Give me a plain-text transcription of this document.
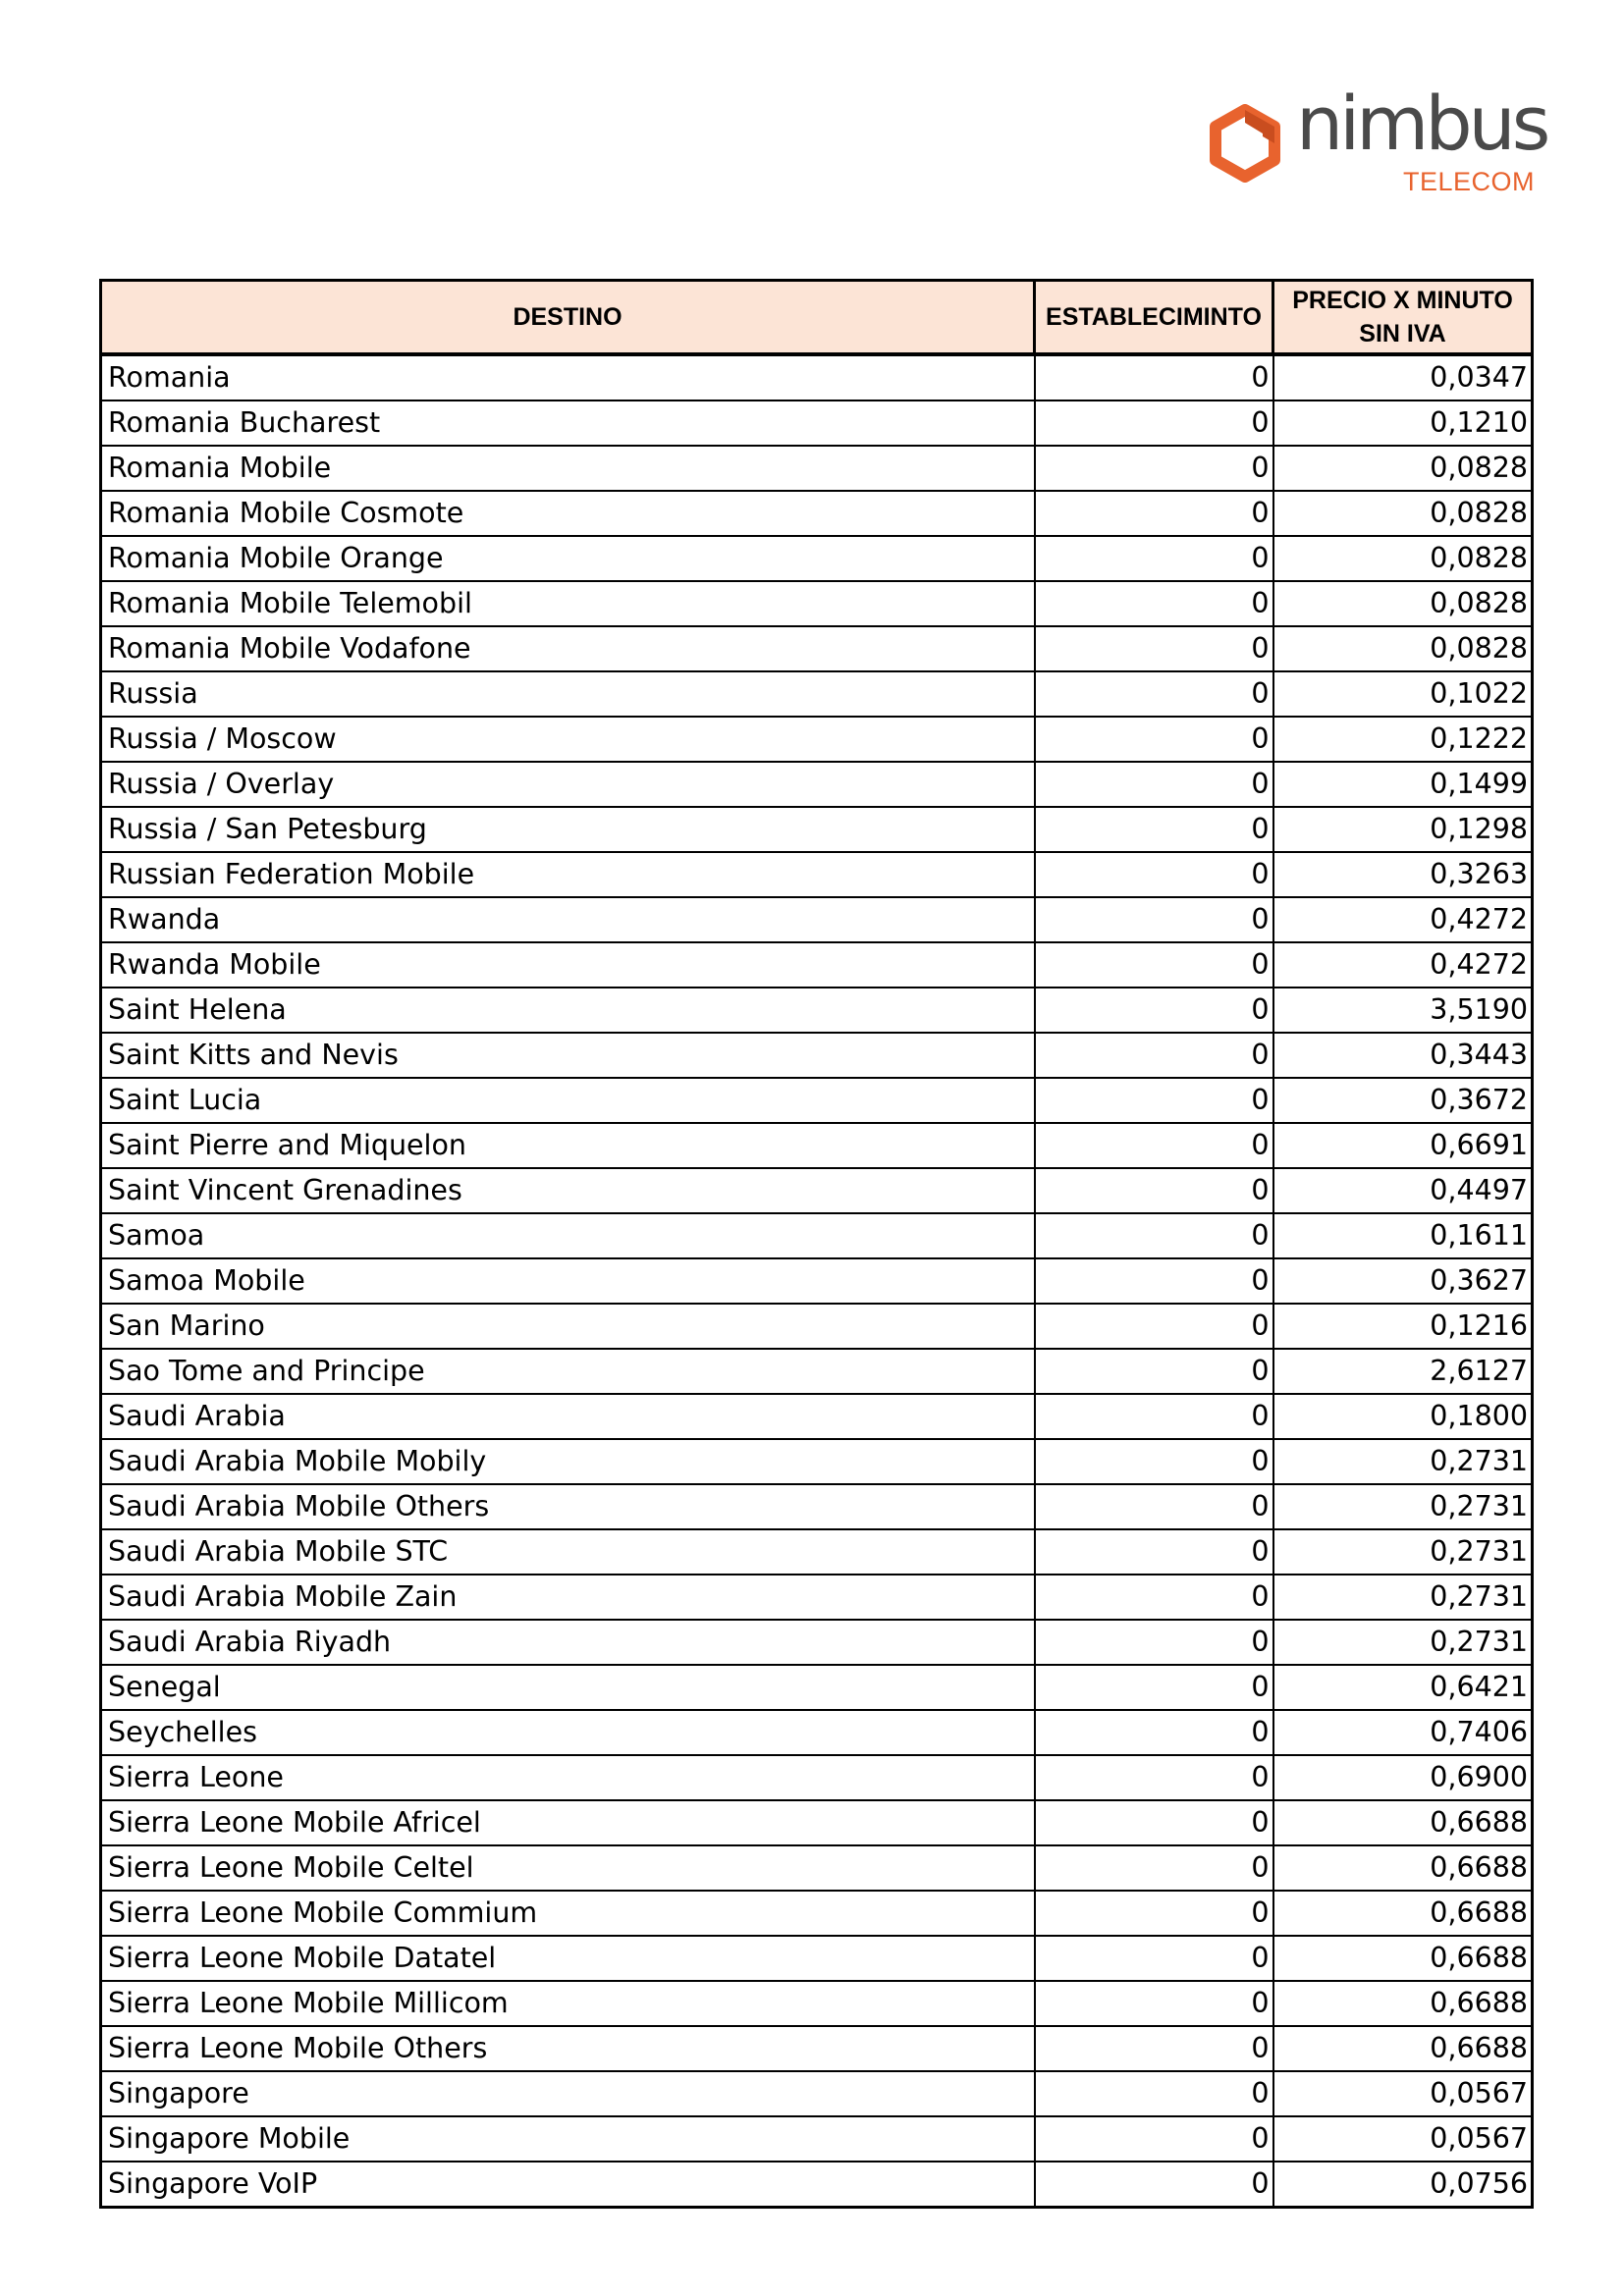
nimbus
TELECOM
DESTINO	ESTABLECIMINTO	PRECIO X MINUTO
SIN IVA
Romania	0	0,0347
Romania Bucharest	0	0,1210
Romania Mobile	0	0,0828
Romania Mobile Cosmote	0	0,0828
Romania Mobile Orange	0	0,0828
Romania Mobile Telemobil	0	0,0828
Romania Mobile Vodafone	0	0,0828
Russia	0	0,1022
Russia / Moscow	0	0,1222
Russia / Overlay	0	0,1499
Russia / San Petesburg	0	0,1298
Russian Federation Mobile	0	0,3263
Rwanda	0	0,4272
Rwanda Mobile	0	0,4272
Saint Helena	0	3,5190
Saint Kitts and Nevis	0	0,3443
Saint Lucia	0	0,3672
Saint Pierre and Miquelon	0	0,6691
Saint Vincent Grenadines	0	0,4497
Samoa	0	0,1611
Samoa Mobile	0	0,3627
San Marino	0	0,1216
Sao Tome and Principe	0	2,6127
Saudi Arabia	0	0,1800
Saudi Arabia Mobile Mobily	0	0,2731
Saudi Arabia Mobile Others	0	0,2731
Saudi Arabia Mobile STC	0	0,2731
Saudi Arabia Mobile Zain	0	0,2731
Saudi Arabia Riyadh	0	0,2731
Senegal	0	0,6421
Seychelles	0	0,7406
Sierra Leone	0	0,6900
Sierra Leone Mobile Africel	0	0,6688
Sierra Leone Mobile Celtel	0	0,6688
Sierra Leone Mobile Commium	0	0,6688
Sierra Leone Mobile Datatel	0	0,6688
Sierra Leone Mobile Millicom	0	0,6688
Sierra Leone Mobile Others	0	0,6688
Singapore	0	0,0567
Singapore Mobile	0	0,0567
Singapore VoIP	0	0,0756
